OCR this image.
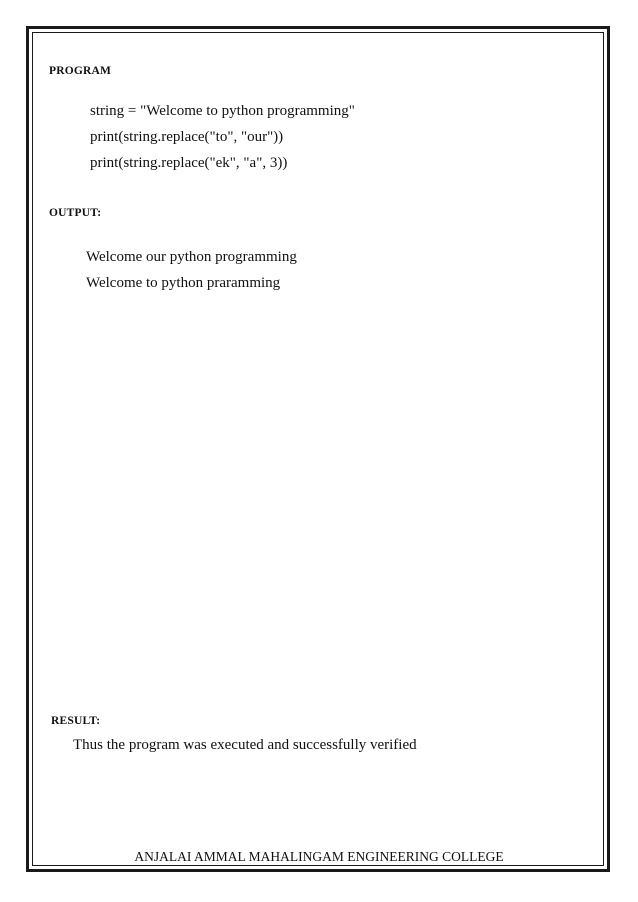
PROGRAM
string = "Welcome to python programming"
print(string.replace("to", "our"))
print(string.replace("ek", "a", 3))
OUTPUT:
Welcome our python programming
Welcome to python praramming
RESULT:
Thus the program was executed and successfully verified
ANJALAI AMMAL MAHALINGAM ENGINEERING COLLEGE
